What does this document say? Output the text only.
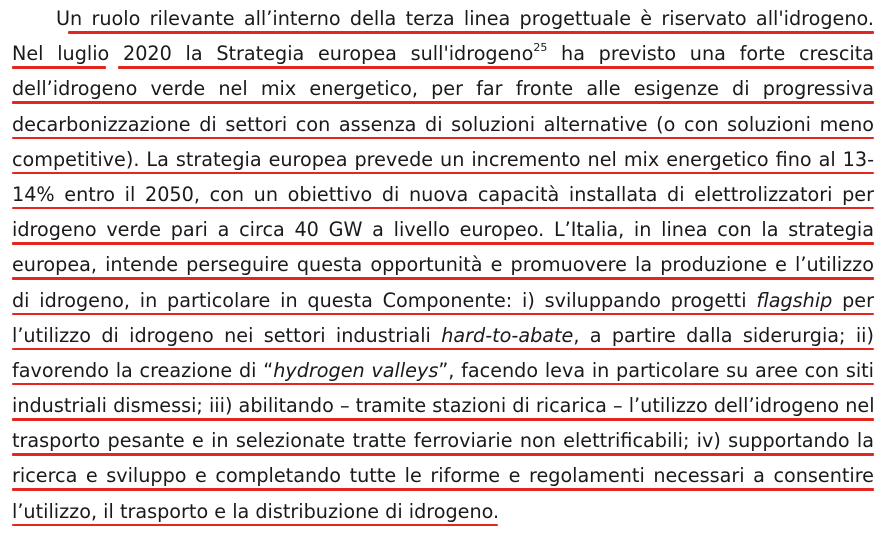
Un ruolo rilevante all’interno della terza linea progettuale è riservato all'idrogeno.
Nel luglio 2020 la Strategia europea sull'idrogeno$^{25}$ ha previsto una forte crescita
dell’idrogeno verde nel mix energetico, per far fronte alle esigenze di progressiva
decarbonizzazione di settori con assenza di soluzioni alternative (o con soluzioni meno
competitive). La strategia europea prevede un incremento nel mix energetico fino al 13-
14% entro il 2050, con un obiettivo di nuova capacità installata di elettrolizzatori per
idrogeno verde pari a circa 40 GW a livello europeo. L’Italia, in linea con la strategia
europea, intende perseguire questa opportunità e promuovere la produzione e l’utilizzo
di idrogeno, in particolare in questa Componente: i) sviluppando progetti flagship per
l’utilizzo di idrogeno nei settori industriali hard-to-abate, a partire dalla siderurgia; ii)
favorendo la creazione di “hydrogen valleys”, facendo leva in particolare su aree con siti
industriali dismessi; iii) abilitando – tramite stazioni di ricarica – l’utilizzo dell’idrogeno nel
trasporto pesante e in selezionate tratte ferroviarie non elettrificabili; iv) supportando la
ricerca e sviluppo e completando tutte le riforme e regolamenti necessari a consentire
l’utilizzo, il trasporto e la distribuzione di idrogeno.
